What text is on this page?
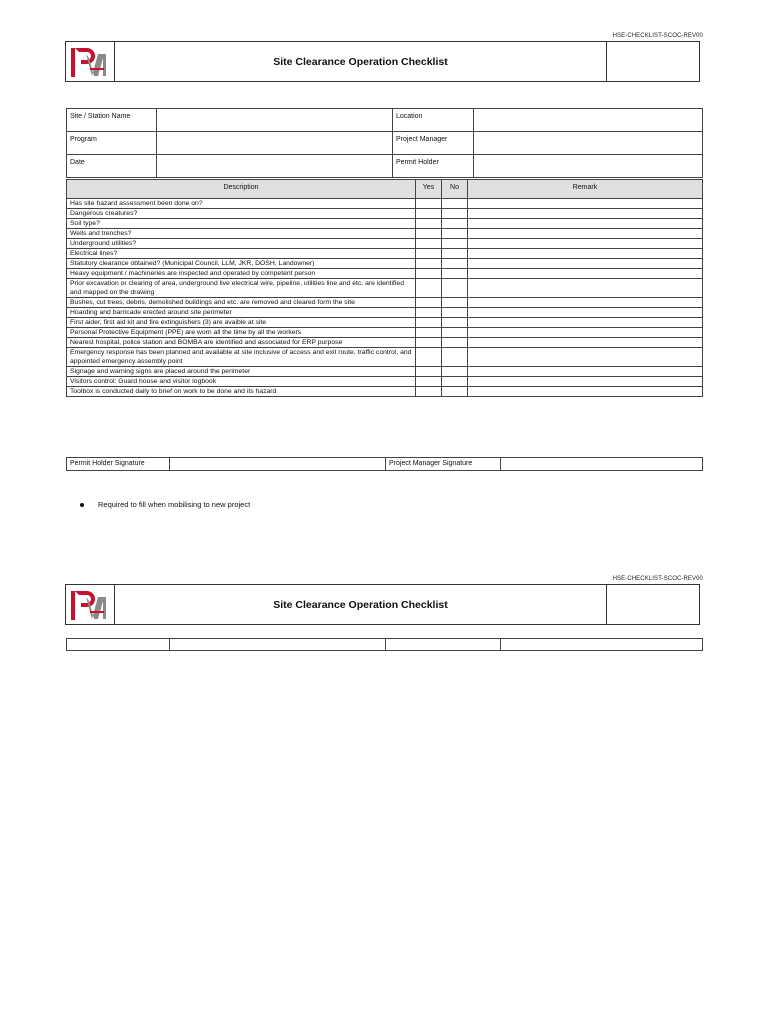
HSE-CHECKLIST-SCOC-REV00
Site Clearance Operation Checklist
Site / Station Name		Location	
Program		Project Manager	
Date		Permit Holder	
Description	Yes	No	Remark
Has site hazard assessment been done on?			
Dangerous creatures?			
Soil type?			
Wells and trenches?			
Underground utilities?			
Electrical lines?			
Statutory clearance obtained? (Municipal Council, LLM, JKR, DOSH, Landowner)			
Heavy equipment / machineries are inspected and operated by competent person			
Prior excavation or clearing of area, underground live electrical wire, pipeline, utilities line and etc. are identified and mapped on the drawing			
Bushes, cut trees, debris, demolished buildings and etc. are removed and cleared form the site			
Hoarding and barricade erected around site perimeter			
First aider, first aid kit and fire extinguishers (3) are avaible at site			
Personal Protective Equipment (PPE) are worn all the time by all the workers			
Nearest hospital, police station and BOMBA are identified and associated for ERP purpose			
Emergency response has been planned and available at site inclusive of access and exit route, traffic control, and appointed emergency assembly point			
Signage and warning signs are placed around the perimeter			
Visitors control: Guard house and visitor logbook			
Toolbox is conducted daily to brief on work to be done and its hazard			
Permit Holder Signature		Project Manager Signature	
Required to fill when mobilising to new project
HSE-CHECKLIST-SCOC-REV00
Site Clearance Operation Checklist
